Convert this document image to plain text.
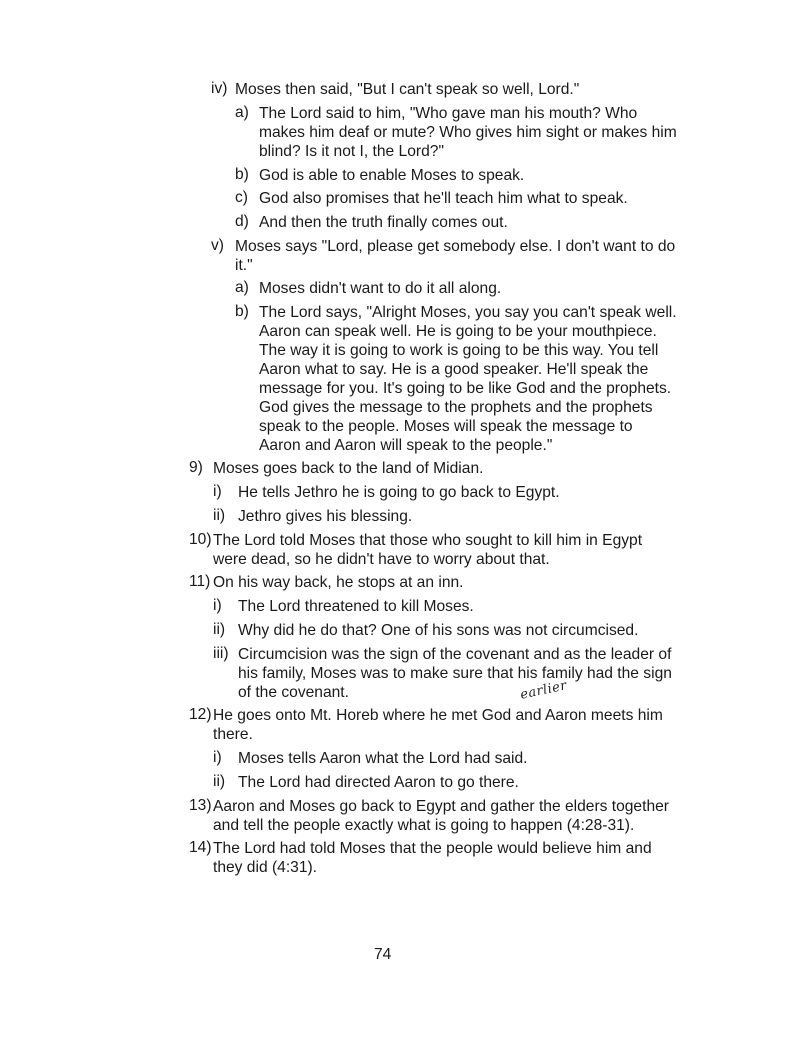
iv) Moses then said, "But I can't speak so well, Lord."
a) The Lord said to him, "Who gave man his mouth? Who
makes him deaf or mute? Who gives him sight or makes him
blind? Is it not I, the Lord?"
b) God is able to enable Moses to speak.
c) God also promises that he'll teach him what to speak.
d) And then the truth finally comes out.
v) Moses says "Lord, please get somebody else. I don't want to do
it."
a) Moses didn't want to do it all along.
b) The Lord says, "Alright Moses, you say you can't speak well.
Aaron can speak well. He is going to be your mouthpiece.
The way it is going to work is going to be this way. You tell
Aaron what to say. He is a good speaker. He'll speak the
message for you. It's going to be like God and the prophets.
God gives the message to the prophets and the prophets
speak to the people. Moses will speak the message to
Aaron and Aaron will speak to the people."
9) Moses goes back to the land of Midian.
i) He tells Jethro he is going to go back to Egypt.
ii) Jethro gives his blessing.
10) The Lord told Moses that those who sought to kill him in Egypt
were dead, so he didn't have to worry about that.
11) On his way back, he stops at an inn.
i) The Lord threatened to kill Moses.
ii) Why did he do that? One of his sons was not circumcised.
iii) Circumcision was the sign of the covenant and as the leader of
his family, Moses was to make sure that his family had the sign
of the covenant.	earlier
12) He goes onto Mt. Horeb where he met God and Aaron meets him
there.
i) Moses tells Aaron what the Lord had said.
ii) The Lord had directed Aaron to go there.
13) Aaron and Moses go back to Egypt and gather the elders together
and tell the people exactly what is going to happen (4:28-31).
14) The Lord had told Moses that the people would believe him and
they did (4:31).
74
